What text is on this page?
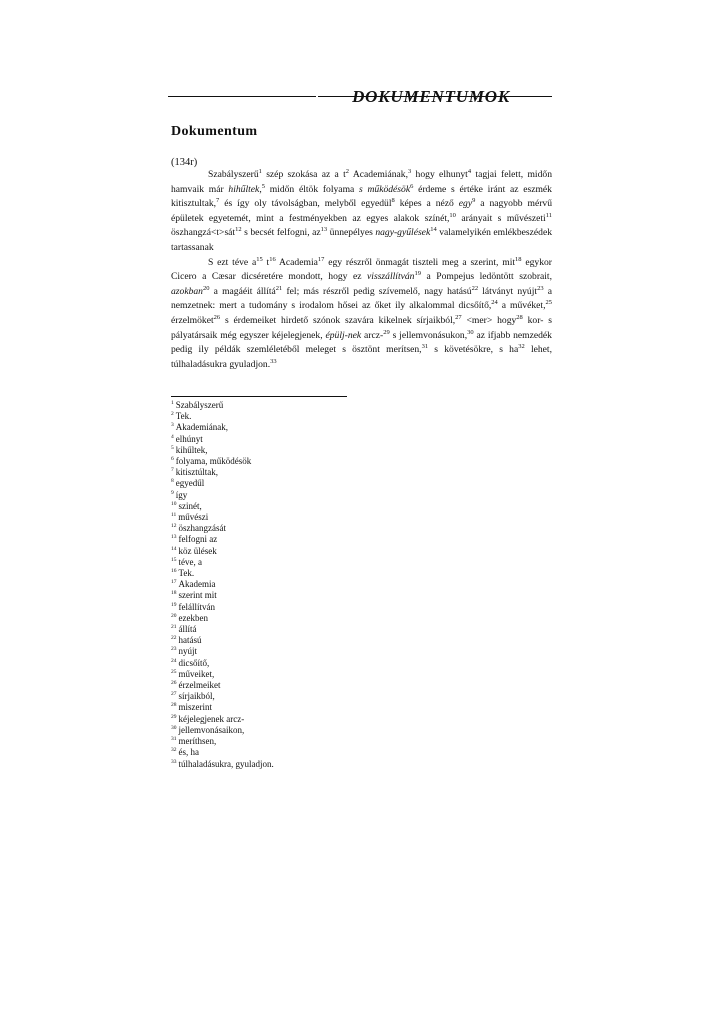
DOKUMENTUMOK
Dokumentum
(134r)

Szabályszerű$^1$ szép szokása az a $t^2$ Academiának,$^3$ hogy elhunyt$^4$ tagjai felett, midőn hamvaik már hihűltek,$^5$ midőn éltök folyama s működésök$^6$ érdeme s értéke iránt az eszmék kitisztultak,$^7$ és így oly távolságban, melyből egyedül$^8$ képes a néző egy$^9$ a nagyobb mérvű épületek egyetemét, mint a festményekben az egyes alakok színét,$^{10}$ arányait s művészeti$^{11}$ öszhangzá<t>sát$^{12}$ s becsét felfogni, $az^{13}$ ünnepélyes nagy-gyűlések$^{14}$ valamelyikén emlékbeszédek tartassanak

S ezt téve $a^{15}$ $t^{16}$ Academia$^{17}$ egy részről önmagát tiszteli meg a szerint, mit$^{18}$ egykor Cicero a Cæsar dicséretére mondott, hogy ez visszállítván$^{19}$ a Pompejus ledöntött szobrait, azokban$^{20}$ a magáéit állítá$^{21}$ fel; más részről pedig szívemelő, nagy hatású$^{22}$ látványt nyújt$^{23}$ a nemzetnek: mert a tudomány s irodalom hősei az őket ily alkalommal dicsőítő,$^{24}$ a művéket,$^{25}$ érzelmöket$^{26}$ s érdemeiket hirdető szónok szavára kikelnek sírjaikból,$^{27}$ <mer> hogy$^{28}$ kor- s pályatársaik még egyszer kéjelegjenek, épülj-nek arcz-$^{29}$ s jellemvonásukon,$^{30}$ az ifjabb nemzedék pedig ily példák szemléletéből meleget s ösztönt merítsen,$^{31}$ s követésökre, s $ha^{32}$ lehet, túlhaladásukra gyuladjon.$^{33}$

$^1$ Szabályszerű
$^2$ Tek.
$^3$ Akademiának,
$^4$ elhúnyt
$^5$ kihűltek,
$^6$ folyama, működésök
$^7$ kitisztúltak,
$^8$ egyedűl
$^9$ így
$^{10}$ szinét,
$^{11}$ művészi
$^{12}$ öszhangzását
$^{13}$ felfogni az
$^{14}$ köz ülések
$^{15}$ téve, a
$^{16}$ Tek.
$^{17}$ Akademia
$^{18}$ szerint mit
$^{19}$ felállítván
$^{20}$ ezekben
$^{21}$ állítá
$^{22}$ hatású
$^{23}$ nyújt
$^{24}$ dicsőítő,
$^{25}$ műveiket,
$^{26}$ érzelmeiket
$^{27}$ sírjaikból,
$^{28}$ miszerint
$^{29}$ kéjelegjenek arcz-
$^{30}$ jellemvonásaikon,
$^{31}$ meríthsen,
$^{32}$ és, ha
$^{33}$ túlhaladásukra, gyuladjon.
